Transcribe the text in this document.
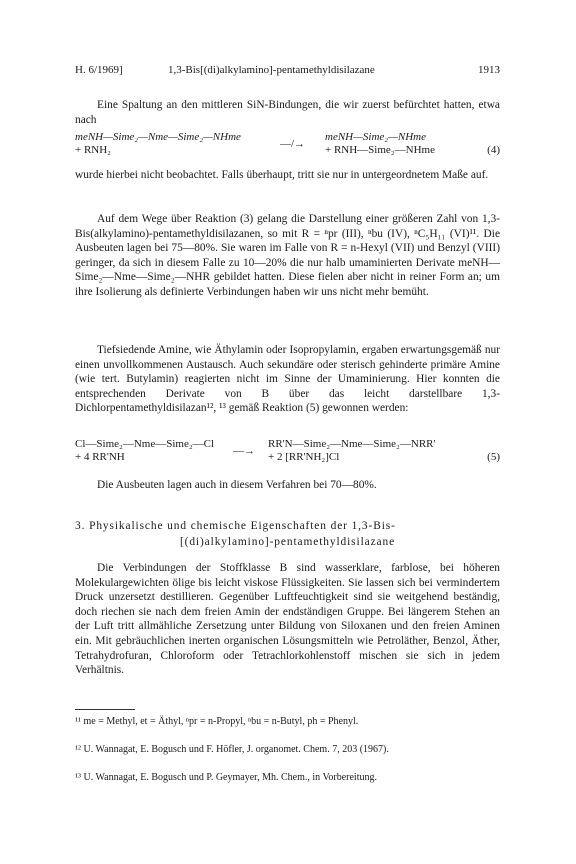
H. 6/1969]	1,3-Bis[(di)alkylamino]-pentamethyldisilazane	1913

Eine Spaltung an den mittleren SiN-Bindungen, die wir zuerst befürchtet hatten, etwa nach

meNH—Sime₂—Nme—Sime₂—NHme
+ RNH₂	—/→
meNH—Sime₂—NHme
+ RNH—Sime₂—NHme	(4)

wurde hierbei nicht beobachtet. Falls überhaupt, tritt sie nur in untergeordnetem Maße auf.

Auf dem Wege über Reaktion (3) gelang die Darstellung einer größeren Zahl von 1,3-Bis(alkylamino)-pentamethyldisilazanen, so mit R = ⁿpr (III), ⁿbu (IV), ⁿC₅H₁₁ (VI)¹¹. Die Ausbeuten lagen bei 75—80%. Sie waren im Falle von R = n-Hexyl (VII) und Benzyl (VIII) geringer, da sich in diesem Falle zu 10—20% die nur halb umaminierten Derivate meNH—Sime₂—Nme—Sime₂—NHR gebildet hatten. Diese fielen aber nicht in reiner Form an; um ihre Isolierung als definierte Verbindungen haben wir uns nicht mehr bemüht.

Tiefsiedende Amine, wie Äthylamin oder Isopropylamin, ergaben erwartungsgemäß nur einen unvollkommenen Austausch. Auch sekundäre oder sterisch gehinderte primäre Amine (wie tert. Butylamin) reagierten nicht im Sinne der Umaminierung. Hier konnten die entsprechenden Derivate von B über das leicht darstellbare 1,3-Dichlorpentamethyldisilazan¹², ¹³ gemäß Reaktion (5) gewonnen werden:

Cl—Sime₂—Nme—Sime₂—Cl
+ 4 RR'NH	—→
RR'N—Sime₂—Nme—Sime₂—NRR'
+ 2 [RR'NH₂]Cl	(5)

Die Ausbeuten lagen auch in diesem Verfahren bei 70—80%.

3. Physikalische und chemische Eigenschaften der 1,3-Bis-
[(di)alkylamino]-pentamethyldisilazane

Die Verbindungen der Stoffklasse B sind wasserklare, farblose, bei höheren Molekulargewichten ölige bis leicht viskose Flüssigkeiten. Sie lassen sich bei vermindertem Druck unzersetzt destillieren. Gegenüber Luftfeuchtigkeit sind sie weitgehend beständig, doch riechen sie nach dem freien Amin der endständigen Gruppe. Bei längerem Stehen an der Luft tritt allmähliche Zersetzung unter Bildung von Siloxanen und den freien Aminen ein. Mit gebräuchlichen inerten organischen Lösungsmitteln wie Petroläther, Benzol, Äther, Tetrahydrofuran, Chloroform oder Tetrachlorkohlenstoff mischen sie sich in jedem Verhältnis.

¹¹ me = Methyl, et = Äthyl, ⁿpr = n-Propyl, ⁿbu = n-Butyl, ph = Phenyl.

¹² U. Wannagat, E. Bogusch und F. Höfler, J. organomet. Chem. 7, 203 (1967).

¹³ U. Wannagat, E. Bogusch und P. Geymayer, Mh. Chem., in Vorbereitung.
